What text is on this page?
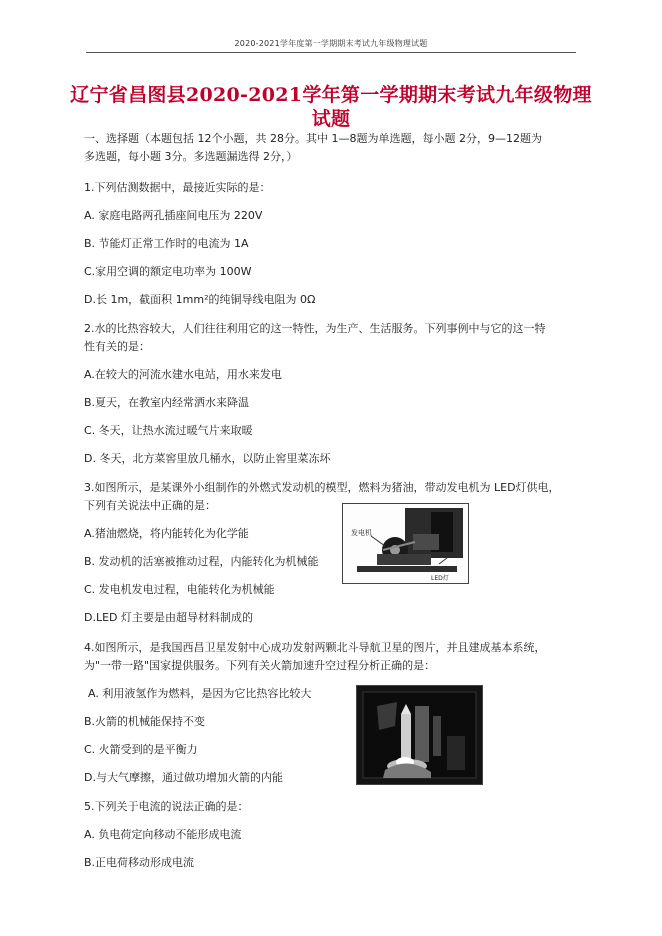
2020-2021学年度第一学期期末考试九年级物理试题
辽宁省昌图县2020-2021学年第一学期期末考试九年级物理
试题
一、选择题（本题包括 12个小题，共 28分。其中 1—8题为单选题，每小题 2分，9—12题为
多选题，每小题 3分。多选题漏选得 2分，）
1.下列估测数据中，最接近实际的是：
A. 家庭电路两孔插座间电压为 220V
B. 节能灯正常工作时的电流为 1A
C.家用空调的额定电功率为 100W
D.长 1m，截面积 1mm²的纯铜导线电阻为 0Ω
2.水的比热容较大，人们往往利用它的这一特性，为生产、生活服务。下列事例中与它的这一特
性有关的是：
A.在较大的河流水建水电站，用水来发电
B.夏天，在教室内经常洒水来降温
C. 冬天，让热水流过暖气片来取暖
D. 冬天，北方菜窖里放几桶水，以防止窖里菜冻坏
3.如图所示，是某课外小组制作的外燃式发动机的模型，燃料为猪油，带动发电机为 LED灯供电，
下列有关说法中正确的是：
A.猪油燃烧，将内能转化为化学能
B. 发动机的活塞被推动过程，内能转化为机械能
C. 发电机发电过程，电能转化为机械能
D.LED 灯主要是由超导材料制成的
发电机
LED灯
4.如图所示，是我国西昌卫星发射中心成功发射两颗北斗导航卫星的图片，并且建成基本系统，
为"一带一路"国家提供服务。下列有关火箭加速升空过程分析正确的是：
A. 利用液氢作为燃料，是因为它比热容比较大
B.火箭的机械能保持不变
C. 火箭受到的是平衡力
D.与大气摩擦，通过做功增加火箭的内能
5.下列关于电流的说法正确的是：
A. 负电荷定向移动不能形成电流
B.正电荷移动形成电流
